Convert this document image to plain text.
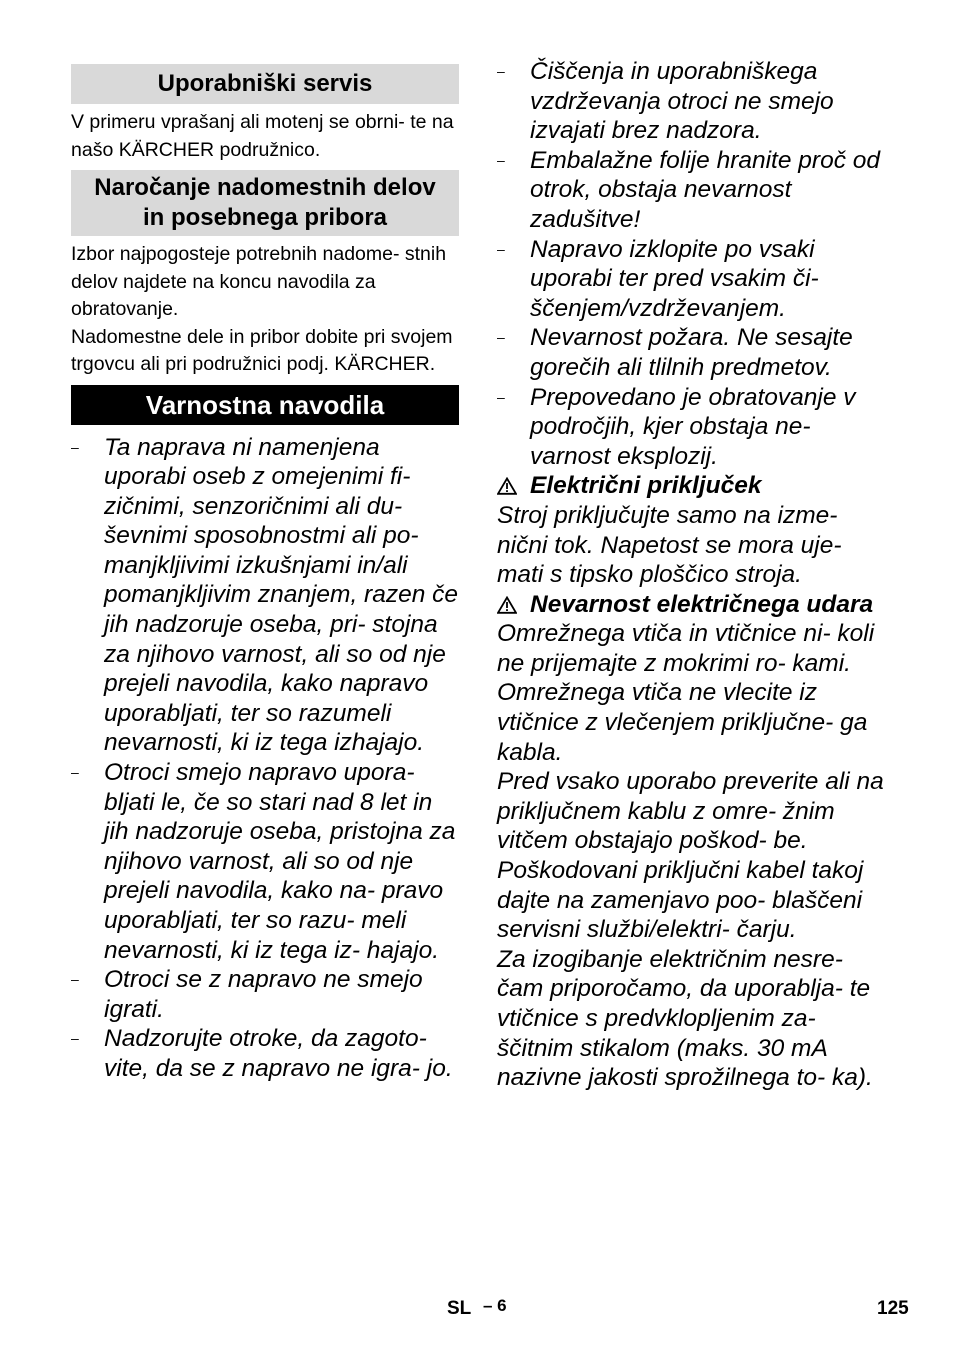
Uporabniški servis

V primeru vprašanj ali motenj se obrni- te na našo KÄRCHER podružnico.

Naročanje nadomestnih delov
in posebnega pribora

Izbor najpogosteje potrebnih nadome- stnih delov najdete na koncu navodila za obratovanje.

Nadomestne dele in pribor dobite pri svojem trgovcu ali pri podružnici podj. KÄRCHER.

Varnostna navodila
– Ta naprava ni namenjena uporabi oseb z omejenimi fi- zičnimi, senzoričnimi ali du- ševnimi sposobnostmi ali po- manjkljivimi izkušnjami in/ali pomanjkljivim znanjem, razen če jih nadzoruje oseba, pri- stojna za njihovo varnost, ali so od nje prejeli navodila, kako napravo uporabljati, ter so razumeli nevarnosti, ki iz tega izhajajo.
– Otroci smejo napravo upora- bljati le, če so stari nad 8 let in jih nadzoruje oseba, pristojna za njihovo varnost, ali so od nje prejeli navodila, kako na- pravo uporabljati, ter so razu- meli nevarnosti, ki iz tega iz- hajajo.
– Otroci se z napravo ne smejo igrati.
– Nadzorujte otroke, da zagoto- vite, da se z napravo ne igra- jo.
– Čiščenja in uporabniškega vzdrževanja otroci ne smejo izvajati brez nadzora.
– Embalažne folije hranite proč od otrok, obstaja nevarnost zadušitve!
– Napravo izklopite po vsaki uporabi ter pred vsakim či- ščenjem/vzdrževanjem.
– Nevarnost požara. Ne sesajte gorečih ali tlilnih predmetov.
– Prepovedano je obratovanje v področjih, kjer obstaja ne- varnost eksplozij.
Električni priključek

Stroj priključujte samo na izme- nični tok. Napetost se mora uje- mati s tipsko ploščico stroja.

Nevarnost električnega udara

Omrežnega vtiča in vtičnice ni- koli ne prijemajte z mokrimi ro- kami.

Omrežnega vtiča ne vlecite iz vtičnice z vlečenjem priključne- ga kabla.

Pred vsako uporabo preverite ali na priključnem kablu z omre- žnim vitčem obstajajo poškod- be. Poškodovani priključni kabel takoj dajte na zamenjavo poo- blaščeni servisni službi/elektri- čarju.

Za izogibanje električnim nesre- čam priporočamo, da uporablja- te vtičnice s predvklopljenim za- ščitnim stikalom (maks. 30 mA nazivne jakosti sprožilnega to- ka).

SL – 6	125
